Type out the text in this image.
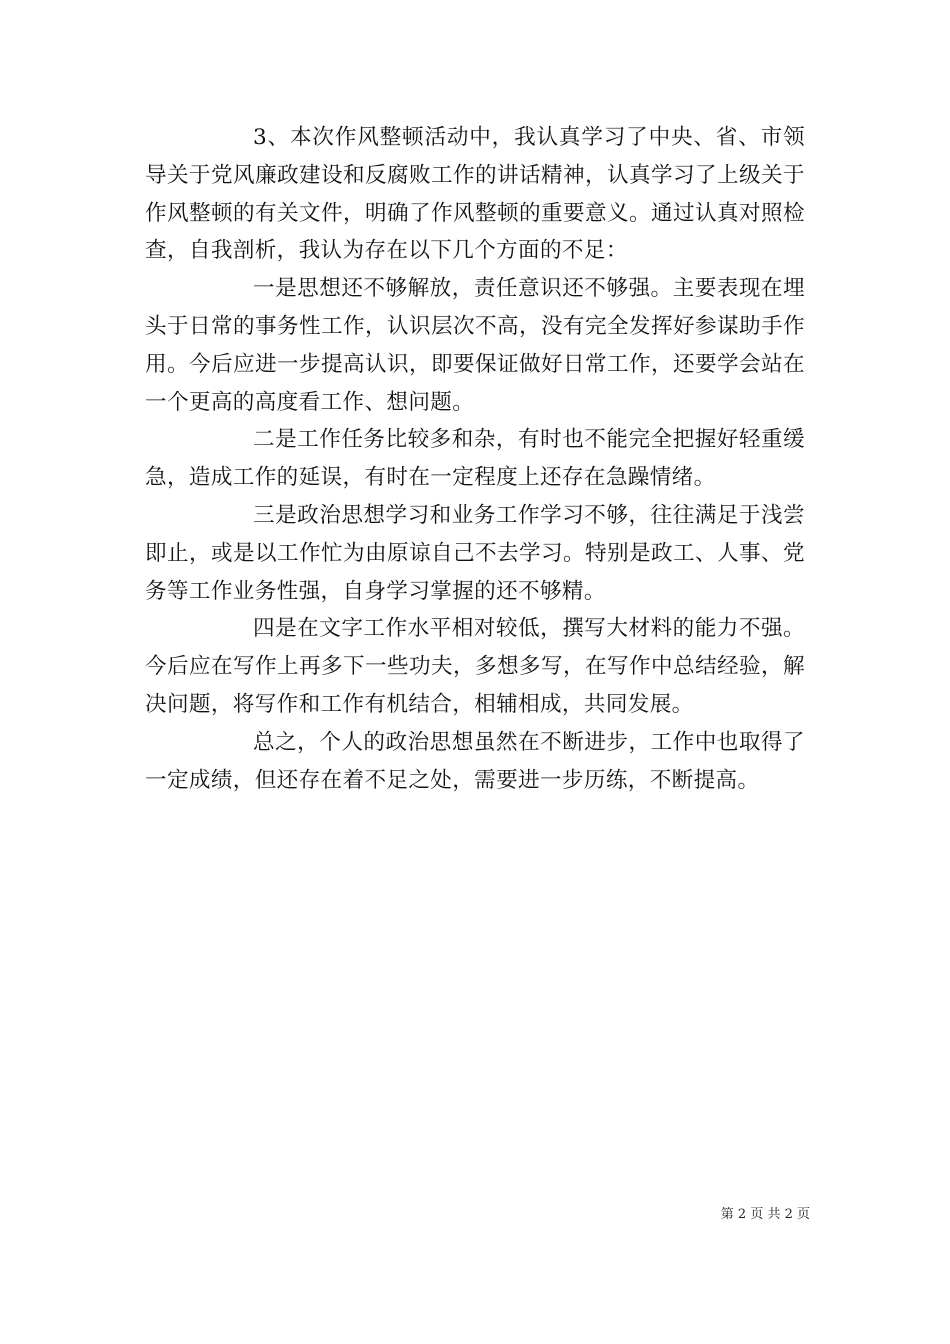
3、本次作风整顿活动中，我认真学习了中央、省、市领导关于党风廉政建设和反腐败工作的讲话精神，认真学习了上级关于作风整顿的有关文件，明确了作风整顿的重要意义。通过认真对照检查，自我剖析，我认为存在以下几个方面的不足：

一是思想还不够解放，责任意识还不够强。主要表现在埋头于日常的事务性工作，认识层次不高，没有完全发挥好参谋助手作用。今后应进一步提高认识，即要保证做好日常工作，还要学会站在一个更高的高度看工作、想问题。

二是工作任务比较多和杂，有时也不能完全把握好轻重缓急，造成工作的延误，有时在一定程度上还存在急躁情绪。

三是政治思想学习和业务工作学习不够，往往满足于浅尝即止，或是以工作忙为由原谅自己不去学习。特别是政工、人事、党务等工作业务性强，自身学习掌握的还不够精。

四是在文字工作水平相对较低，撰写大材料的能力不强。今后应在写作上再多下一些功夫，多想多写，在写作中总结经验，解决问题，将写作和工作有机结合，相辅相成，共同发展。

总之，个人的政治思想虽然在不断进步，工作中也取得了一定成绩，但还存在着不足之处，需要进一步历练，不断提高。

第 2 页 共 2 页
